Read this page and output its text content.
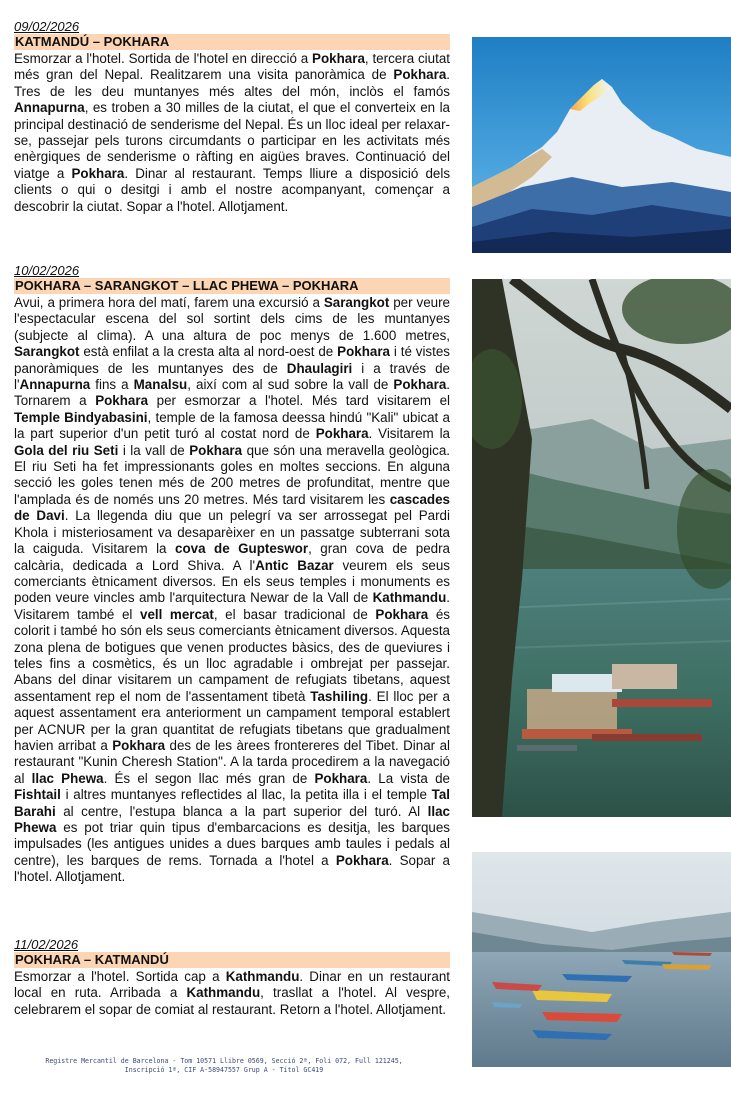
09/02/2026
KATMANDÚ – POKHARA
Esmorzar a l'hotel. Sortida de l'hotel en direcció a Pokhara, tercera ciutat més gran del Nepal. Realitzarem una visita panoràmica de Pokhara. Tres de les deu muntanyes més altes del món, inclòs el famós Annapurna, es troben a 30 milles de la ciutat, el que el converteix en la principal destinació de senderisme del Nepal. És un lloc ideal per relaxar-se, passejar pels turons circumdants o participar en les activitats més enèrgiques de senderisme o ràfting en aigües braves. Continuació del viatge a Pokhara. Dinar al restaurant. Temps lliure a disposició dels clients o qui o desitgi i amb el nostre acompanyant, començar a descobrir la ciutat. Sopar a l'hotel. Allotjament.
10/02/2026
POKHARA – SARANGKOT – LLAC PHEWA – POKHARA
Avui, a primera hora del matí, farem una excursió a Sarangkot per veure l'espectacular escena del sol sortint dels cims de les muntanyes (subjecte al clima). A una altura de poc menys de 1.600 metres, Sarangkot està enfilat a la cresta alta al nord-oest de Pokhara i té vistes panoràmiques de les muntanyes des de Dhaulagiri i a través de l'Annapurna fins a Manalsu, així com al sud sobre la vall de Pokhara. Tornarem a Pokhara per esmorzar a l'hotel. Més tard visitarem el Temple Bindyabasini, temple de la famosa deessa hindú "Kali" ubicat a la part superior d'un petit turó al costat nord de Pokhara. Visitarem la Gola del riu Seti i la vall de Pokhara que són una meravella geològica. El riu Seti ha fet impressionants goles en moltes seccions. En alguna secció les goles tenen més de 200 metres de profunditat, mentre que l'amplada és de només uns 20 metres. Més tard visitarem les cascades de Davi. La llegenda diu que un pelegrí va ser arrossegat pel Pardi Khola i misteriosament va desaparèixer en un passatge subterrani sota la caiguda. Visitarem la cova de Gupteswor, gran cova de pedra calcària, dedicada a Lord Shiva. A l'Antic Bazar veurem els seus comerciants ètnicament diversos. En els seus temples i monuments es poden veure vincles amb l'arquitectura Newar de la Vall de Kathmandu. Visitarem també el vell mercat, el basar tradicional de Pokhara és colorit i també ho són els seus comerciants ètnicament diversos. Aquesta zona plena de botigues que venen productes bàsics, des de queviures i teles fins a cosmètics, és un lloc agradable i ombrejat per passejar. Abans del dinar visitarem un campament de refugiats tibetans, aquest assentament rep el nom de l'assentament tibetà Tashiling. El lloc per a aquest assentament era anteriorment un campament temporal establert per ACNUR per la gran quantitat de refugiats tibetans que gradualment havien arribat a Pokhara des de les àrees frontereres del Tibet. Dinar al restaurant "Kunin Cheresh Station". A la tarda procedirem a la navegació al llac Phewa. És el segon llac més gran de Pokhara. La vista de Fishtail i altres muntanyes reflectides al llac, la petita illa i el temple Tal Barahi al centre, l'estupa blanca a la part superior del turó. Al llac Phewa es pot triar quin tipus d'embarcacions es desitja, les barques impulsades (les antigues unides a dues barques amb taules i pedals al centre), les barques de rems. Tornada a l'hotel a Pokhara. Sopar a l'hotel. Allotjament.
11/02/2026
POKHARA – KATMANDÚ
Esmorzar a l'hotel. Sortida cap a Kathmandu. Dinar en un restaurant local en ruta. Arribada a Kathmandu, trasllat a l'hotel. Al vespre, celebrarem el sopar de comiat al restaurant. Retorn a l'hotel. Allotjament.
Registre Mercantil de Barcelona - Tom 10571 Llibre 0569, Secció 2ª, Foli 072, Full 121245,
Inscripció 1ª, CIF A-58947557 Grup A - Títol GC419
